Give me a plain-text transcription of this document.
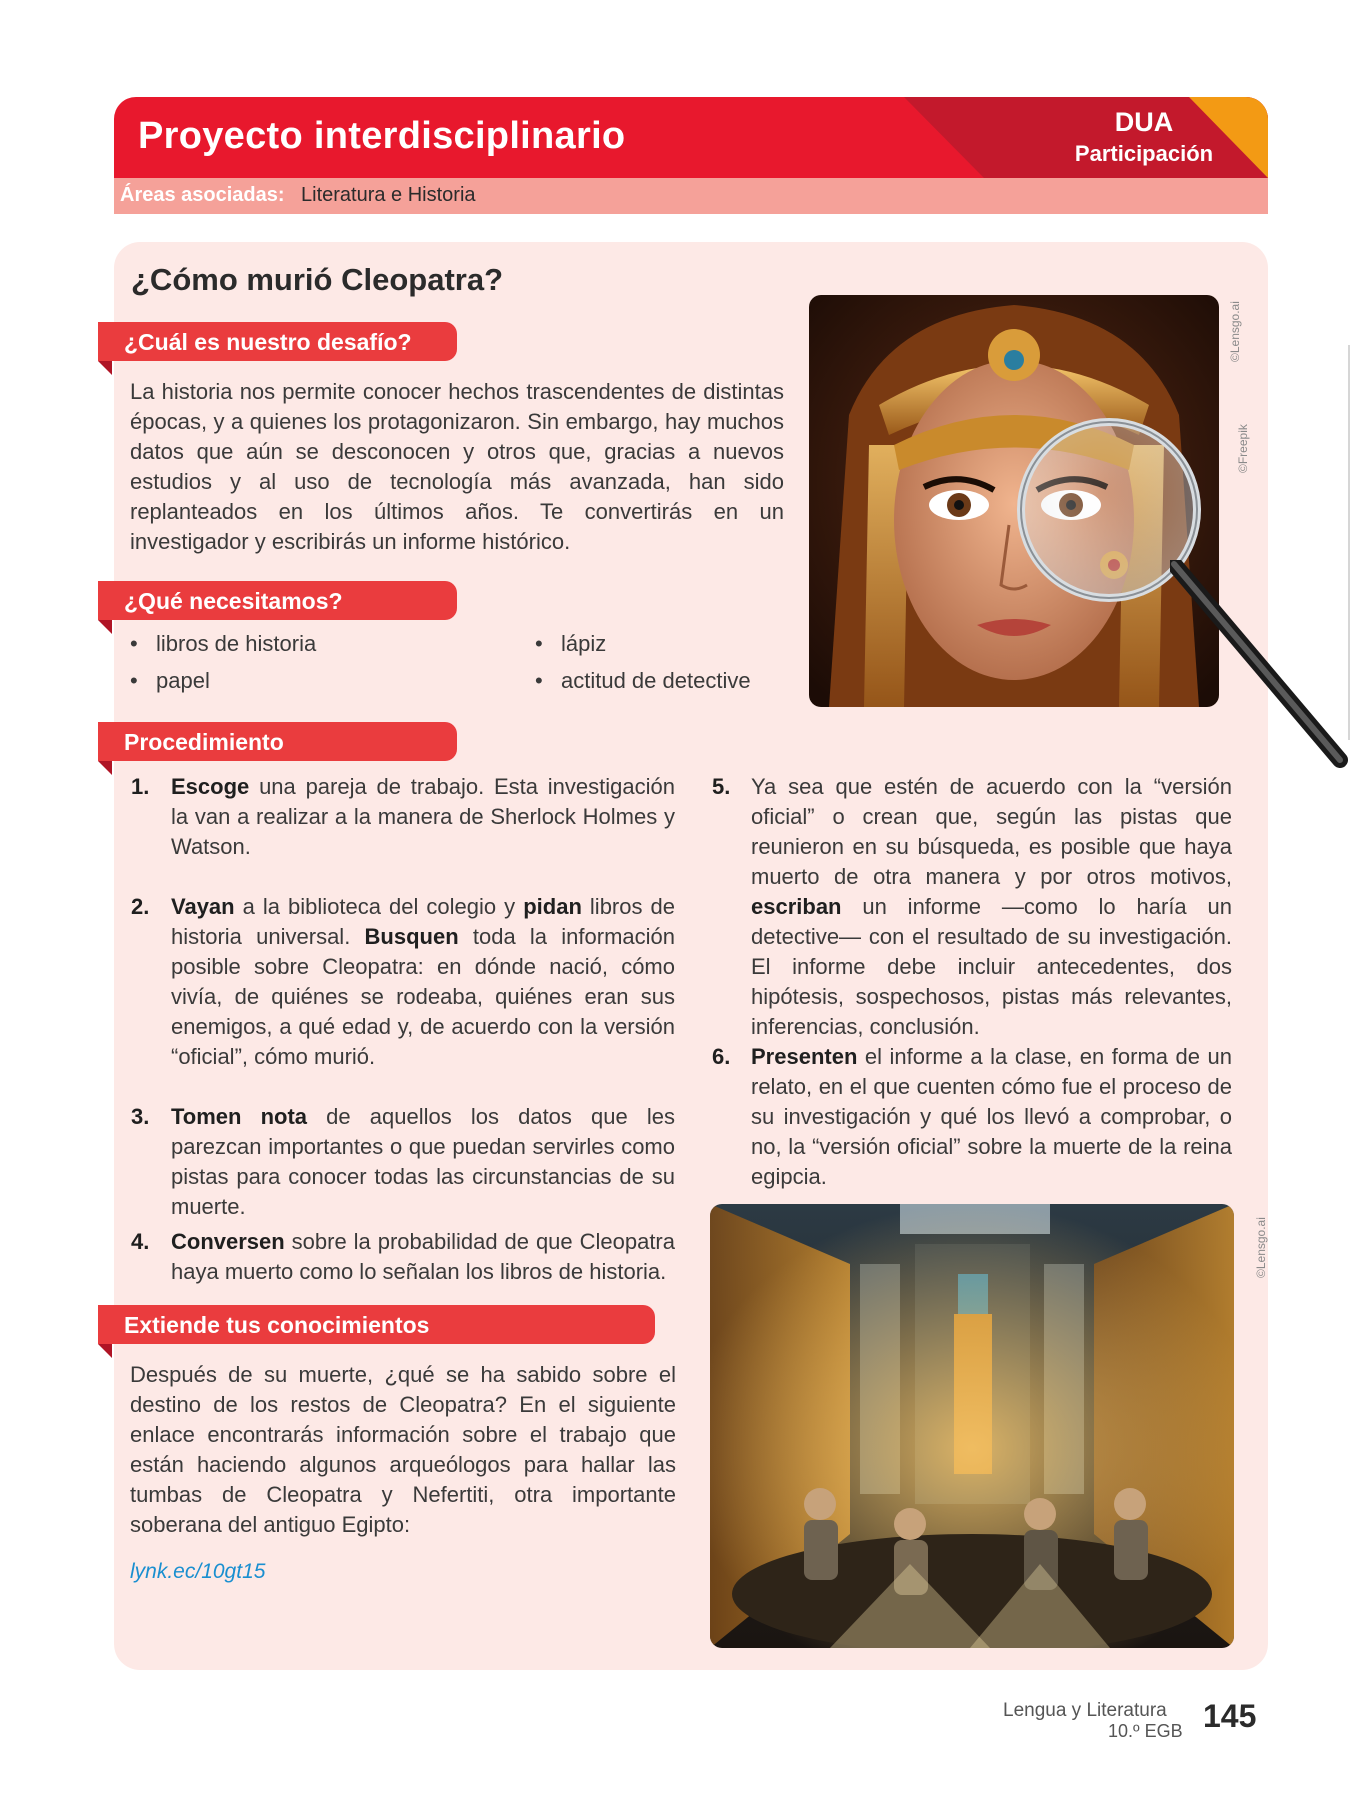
Proyecto interdisciplinario	DUA
Participación
Áreas asociadas: Literatura e Historia
¿Cómo murió Cleopatra?
¿Cuál es nuestro desafío?
La historia nos permite conocer hechos trascendentes de distintas épocas, y a quienes los protagonizaron. Sin embargo, hay muchos datos que aún se desconocen y otros que, gracias a nuevos estudios y al uso de tecnología más avanzada, han sido replanteados en los últimos años. Te convertirás en un investigador y escribirás un informe histórico.
¿Qué necesitamos?
• libros de historia
• papel
• lápiz
• actitud de detective
Procedimiento
1. Escoge una pareja de trabajo. Esta investigación la van a realizar a la manera de Sherlock Holmes y Watson.
2. Vayan a la biblioteca del colegio y pidan libros de historia universal. Busquen toda la información posible sobre Cleopatra: en dónde nació, cómo vivía, de quiénes se rodeaba, quiénes eran sus enemigos, a qué edad y, de acuerdo con la versión “oficial”, cómo murió.
3. Tomen nota de aquellos los datos que les parezcan importantes o que puedan servirles como pistas para conocer todas las circunstancias de su muerte.
4. Conversen sobre la probabilidad de que Cleopatra haya muerto como lo señalan los libros de historia.
5. Ya sea que estén de acuerdo con la “versión oficial” o crean que, según las pistas que reunieron en su búsqueda, es posible que haya muerto de otra manera y por otros motivos, escriban un informe —como lo haría un detective— con el resultado de su investigación. El informe debe incluir antecedentes, dos hipótesis, sospechosos, pistas más relevantes, inferencias, conclusión.
6. Presenten el informe a la clase, en forma de un relato, en el que cuenten cómo fue el proceso de su investigación y qué los llevó a comprobar, o no, la “versión oficial” sobre la muerte de la reina egipcia.
Extiende tus conocimientos
Después de su muerte, ¿qué se ha sabido sobre el destino de los restos de Cleopatra? En el siguiente enlace encontrarás información sobre el trabajo que están haciendo algunos arqueólogos para hallar las tumbas de Cleopatra y Nefertiti, otra importante soberana del antiguo Egipto:
lynk.ec/10gt15
©Lensgo.ai
©Freepik
©Lensgo.ai
Lengua y Literatura
10.º EGB 145
